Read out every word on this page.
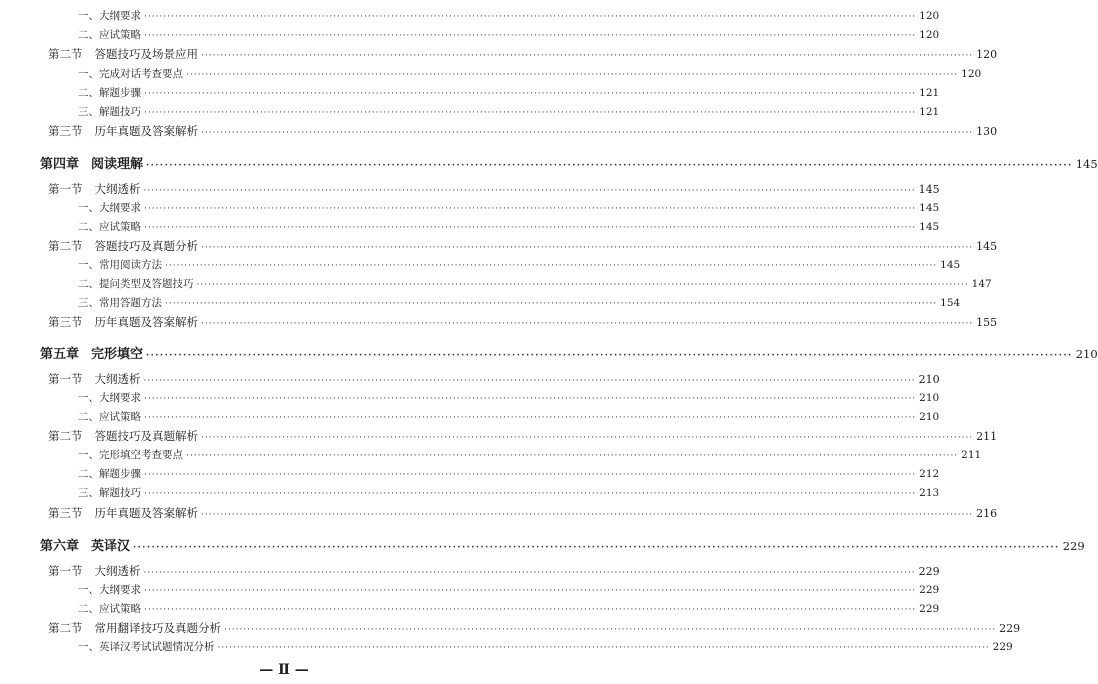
一、大纲要求 ········································································································································································································ 120
二、应试策略 ········································································································································································································ 120
第二节 答题技巧及场景应用 ········································································································································································································ 120
一、完成对话考查要点 ········································································································································································································ 120
二、解题步骤 ········································································································································································································ 121
三、解题技巧 ········································································································································································································ 121
第三节 历年真题及答案解析 ········································································································································································································ 130
第四章 阅读理解 ········································································································································································································ 145
第一节 大纲透析 ········································································································································································································ 145
一、大纲要求 ········································································································································································································ 145
二、应试策略 ········································································································································································································ 145
第二节 答题技巧及真题分析 ········································································································································································································ 145
一、常用阅读方法 ········································································································································································································ 145
二、提问类型及答题技巧 ········································································································································································································ 147
三、常用答题方法 ········································································································································································································ 154
第三节 历年真题及答案解析 ········································································································································································································ 155
第五章 完形填空 ········································································································································································································ 210
第一节 大纲透析 ········································································································································································································ 210
一、大纲要求 ········································································································································································································ 210
二、应试策略 ········································································································································································································ 210
第二节 答题技巧及真题解析 ········································································································································································································ 211
一、完形填空考查要点 ········································································································································································································ 211
二、解题步骤 ········································································································································································································ 212
三、解题技巧 ········································································································································································································ 213
第三节 历年真题及答案解析 ········································································································································································································ 216
第六章 英译汉 ········································································································································································································ 229
第一节 大纲透析 ········································································································································································································ 229
一、大纲要求 ········································································································································································································ 229
二、应试策略 ········································································································································································································ 229
第二节 常用翻译技巧及真题分析 ········································································································································································································ 229
一、英译汉考试试题情况分析 ········································································································································································································ 229
— Ⅱ —
